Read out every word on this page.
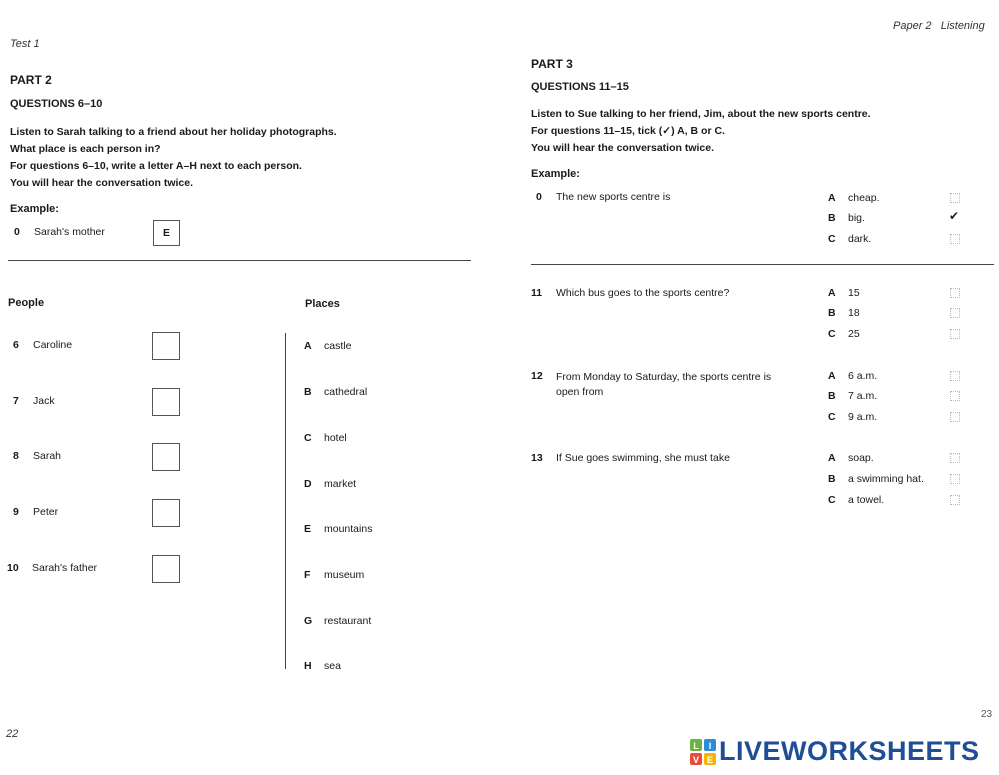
Test 1
PART 2
QUESTIONS 6–10
Listen to Sarah talking to a friend about her holiday photographs.
What place is each person in?
For questions 6–10, write a letter A–H next to each person.
You will hear the conversation twice.
Example:
0 Sarah's mother	E
People	Places
6 Caroline
7 Jack
8 Sarah
9 Peter
10 Sarah's father
A castle
B cathedral
C hotel
D market
E mountains
F museum
G restaurant
H sea
22
Paper 2   Listening
PART 3
QUESTIONS 11–15
Listen to Sue talking to her friend, Jim, about the new sports centre.
For questions 11–15, tick (✓) A, B or C.
You will hear the conversation twice.
Example:
0 The new sports centre is	A cheap.
B big.	✔
C dark.
11 Which bus goes to the sports centre?	A 15
B 18
C 25
12 From Monday to Saturday, the sports centre is
open from
A 6 a.m.
B 7 a.m.
C 9 a.m.
13 If Sue goes swimming, she must take	A soap.
B a swimming hat.
C a towel.
23
L I
V E LIVEWORKSHEETS
